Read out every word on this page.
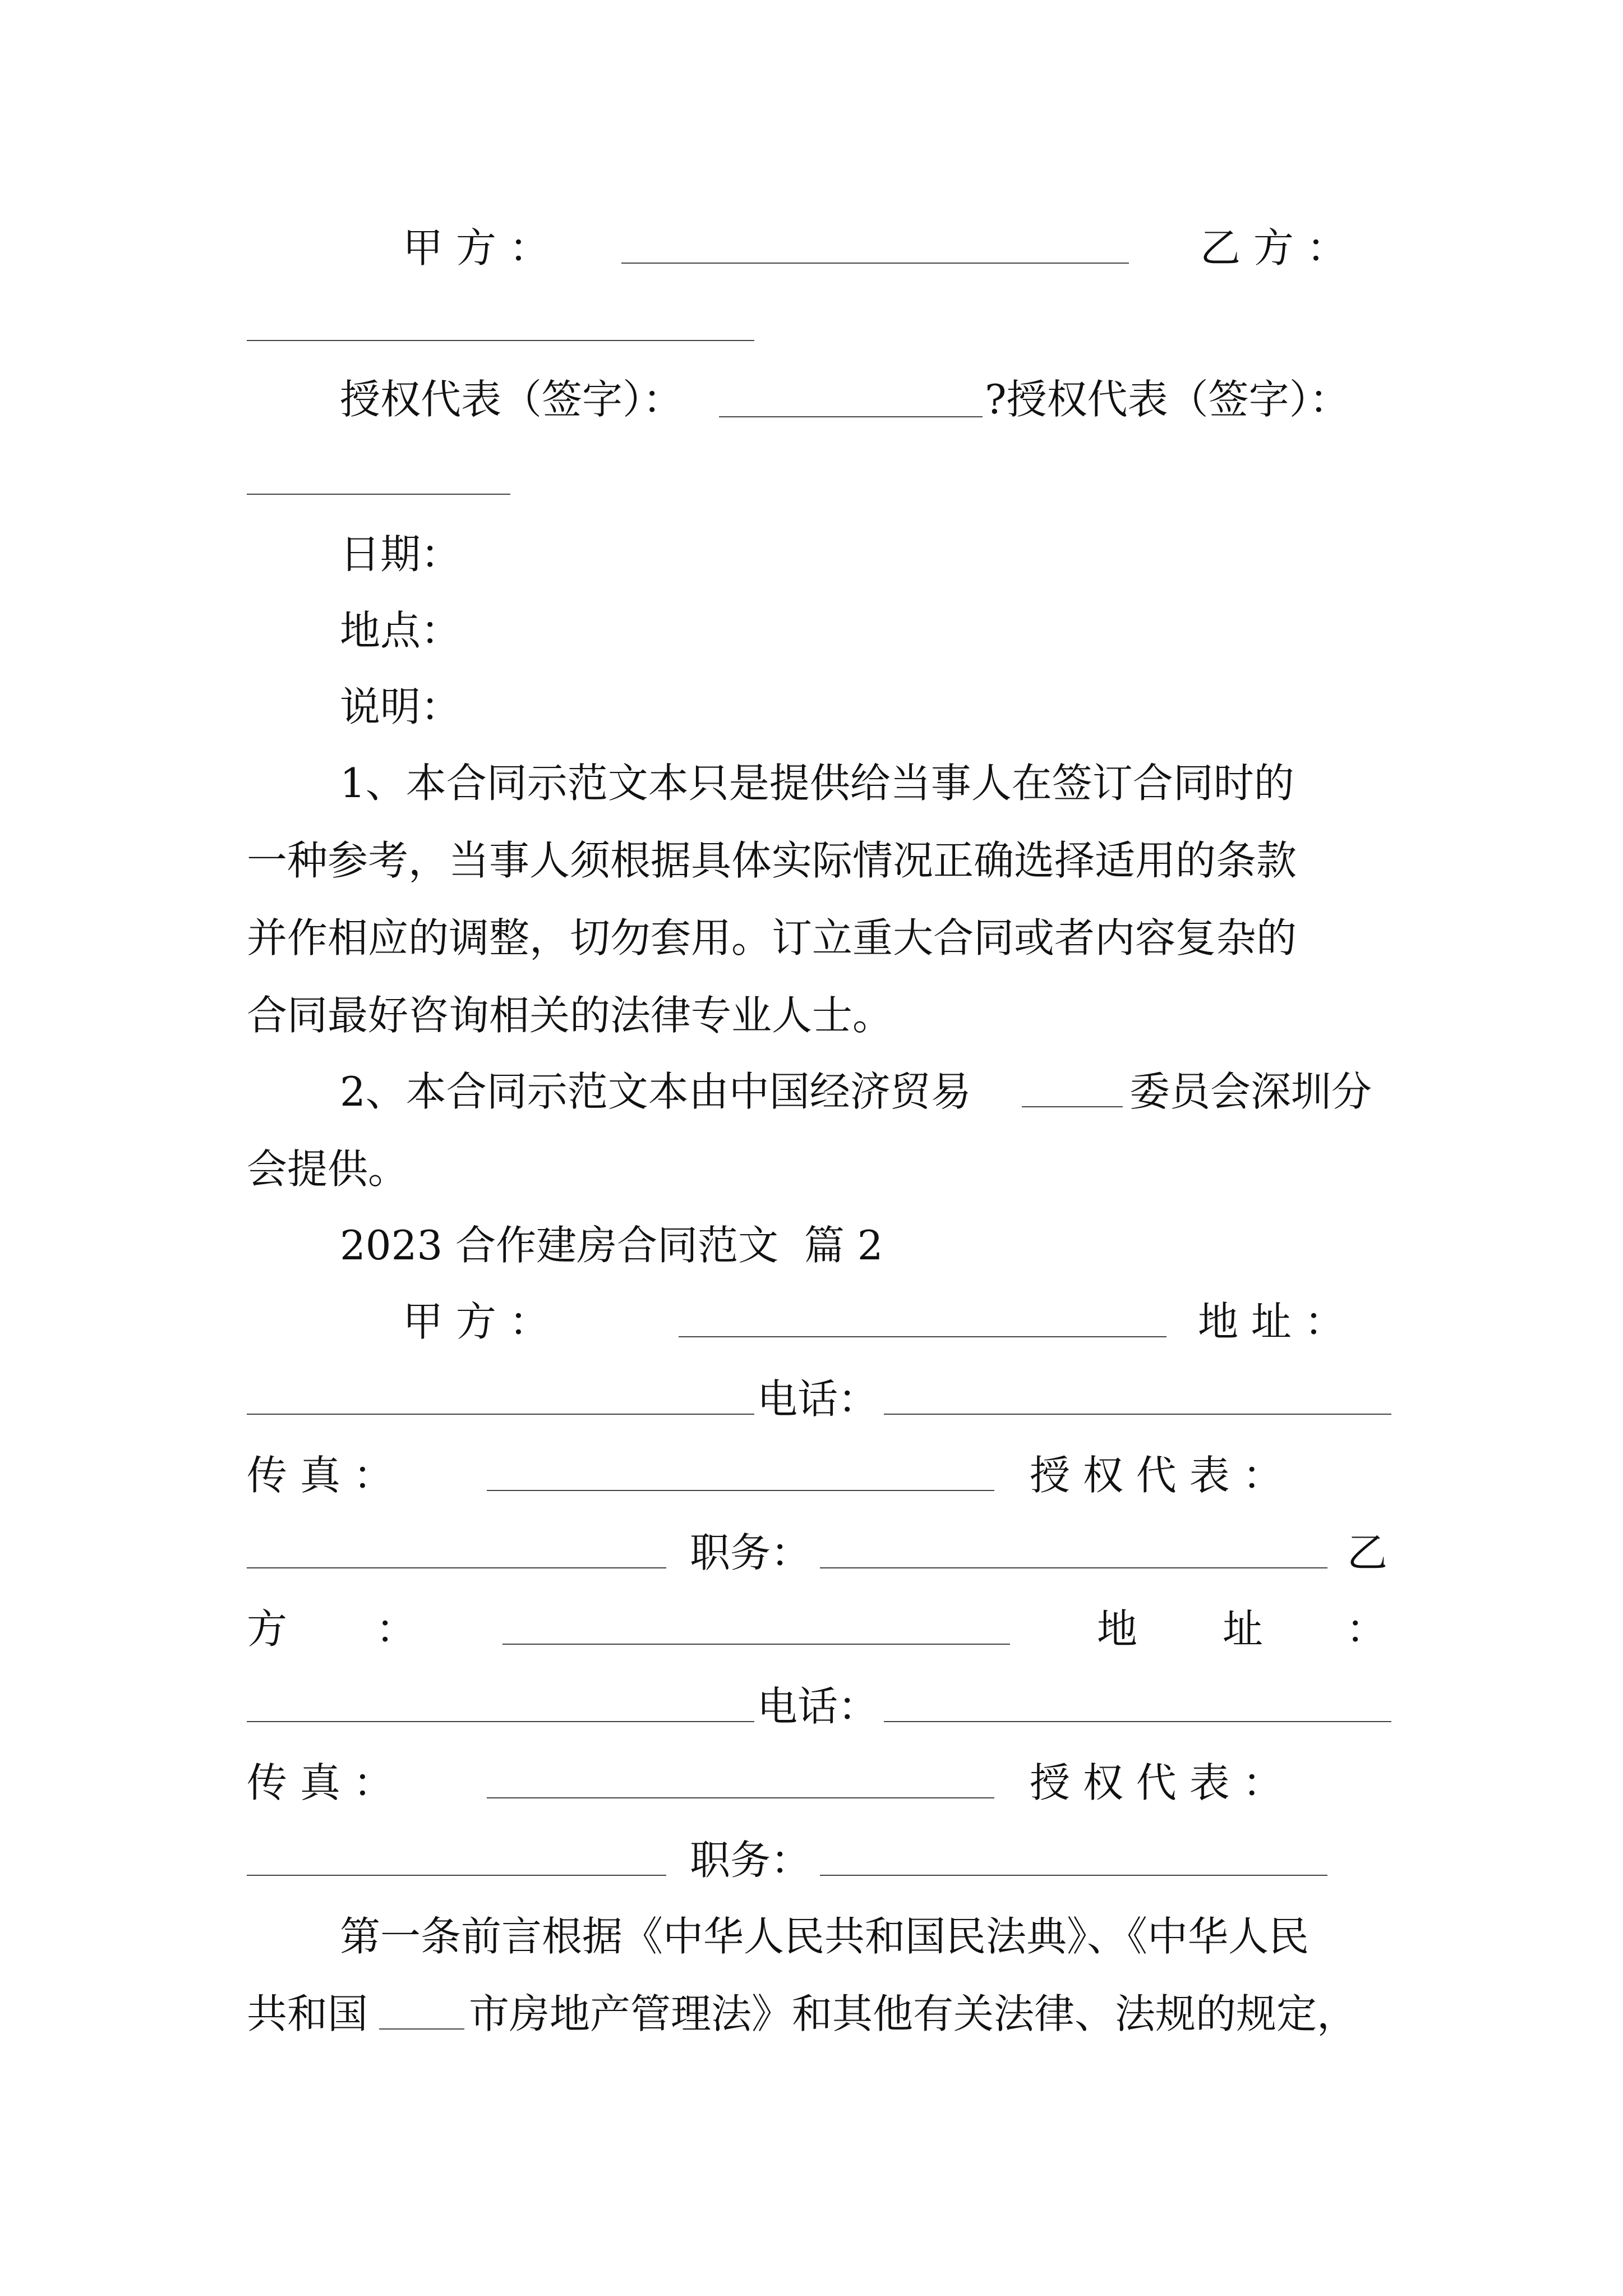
甲 方 ：	乙 方 ：
授权代表（签字）：	?授权代表（签字）：
日期：
地点：
说明：
1、本合同示范文本只是提供给当事人在签订合同时的
一种参考，当事人须根据具体实际情况正确选择适用的条款
并作相应的调整，切勿套用。订立重大合同或者内容复杂的
合同最好咨询相关的法律专业人士。
2、本合同示范文本由中国经济贸易	委员会深圳分
会提供。
2023 合作建房合同范文  篇 2
甲 方 ：	地 址 ：
电话：
传 真 ：	授 权 代 表 ：
职务：	乙
方 ：	地 址 ：
电话：
传 真 ：	授 权 代 表 ：
职务：
第一条前言根据《中华人民共和国民法典》、《中华人民
共和国 市房地产管理法》和其他有关法律、法规的规定，
